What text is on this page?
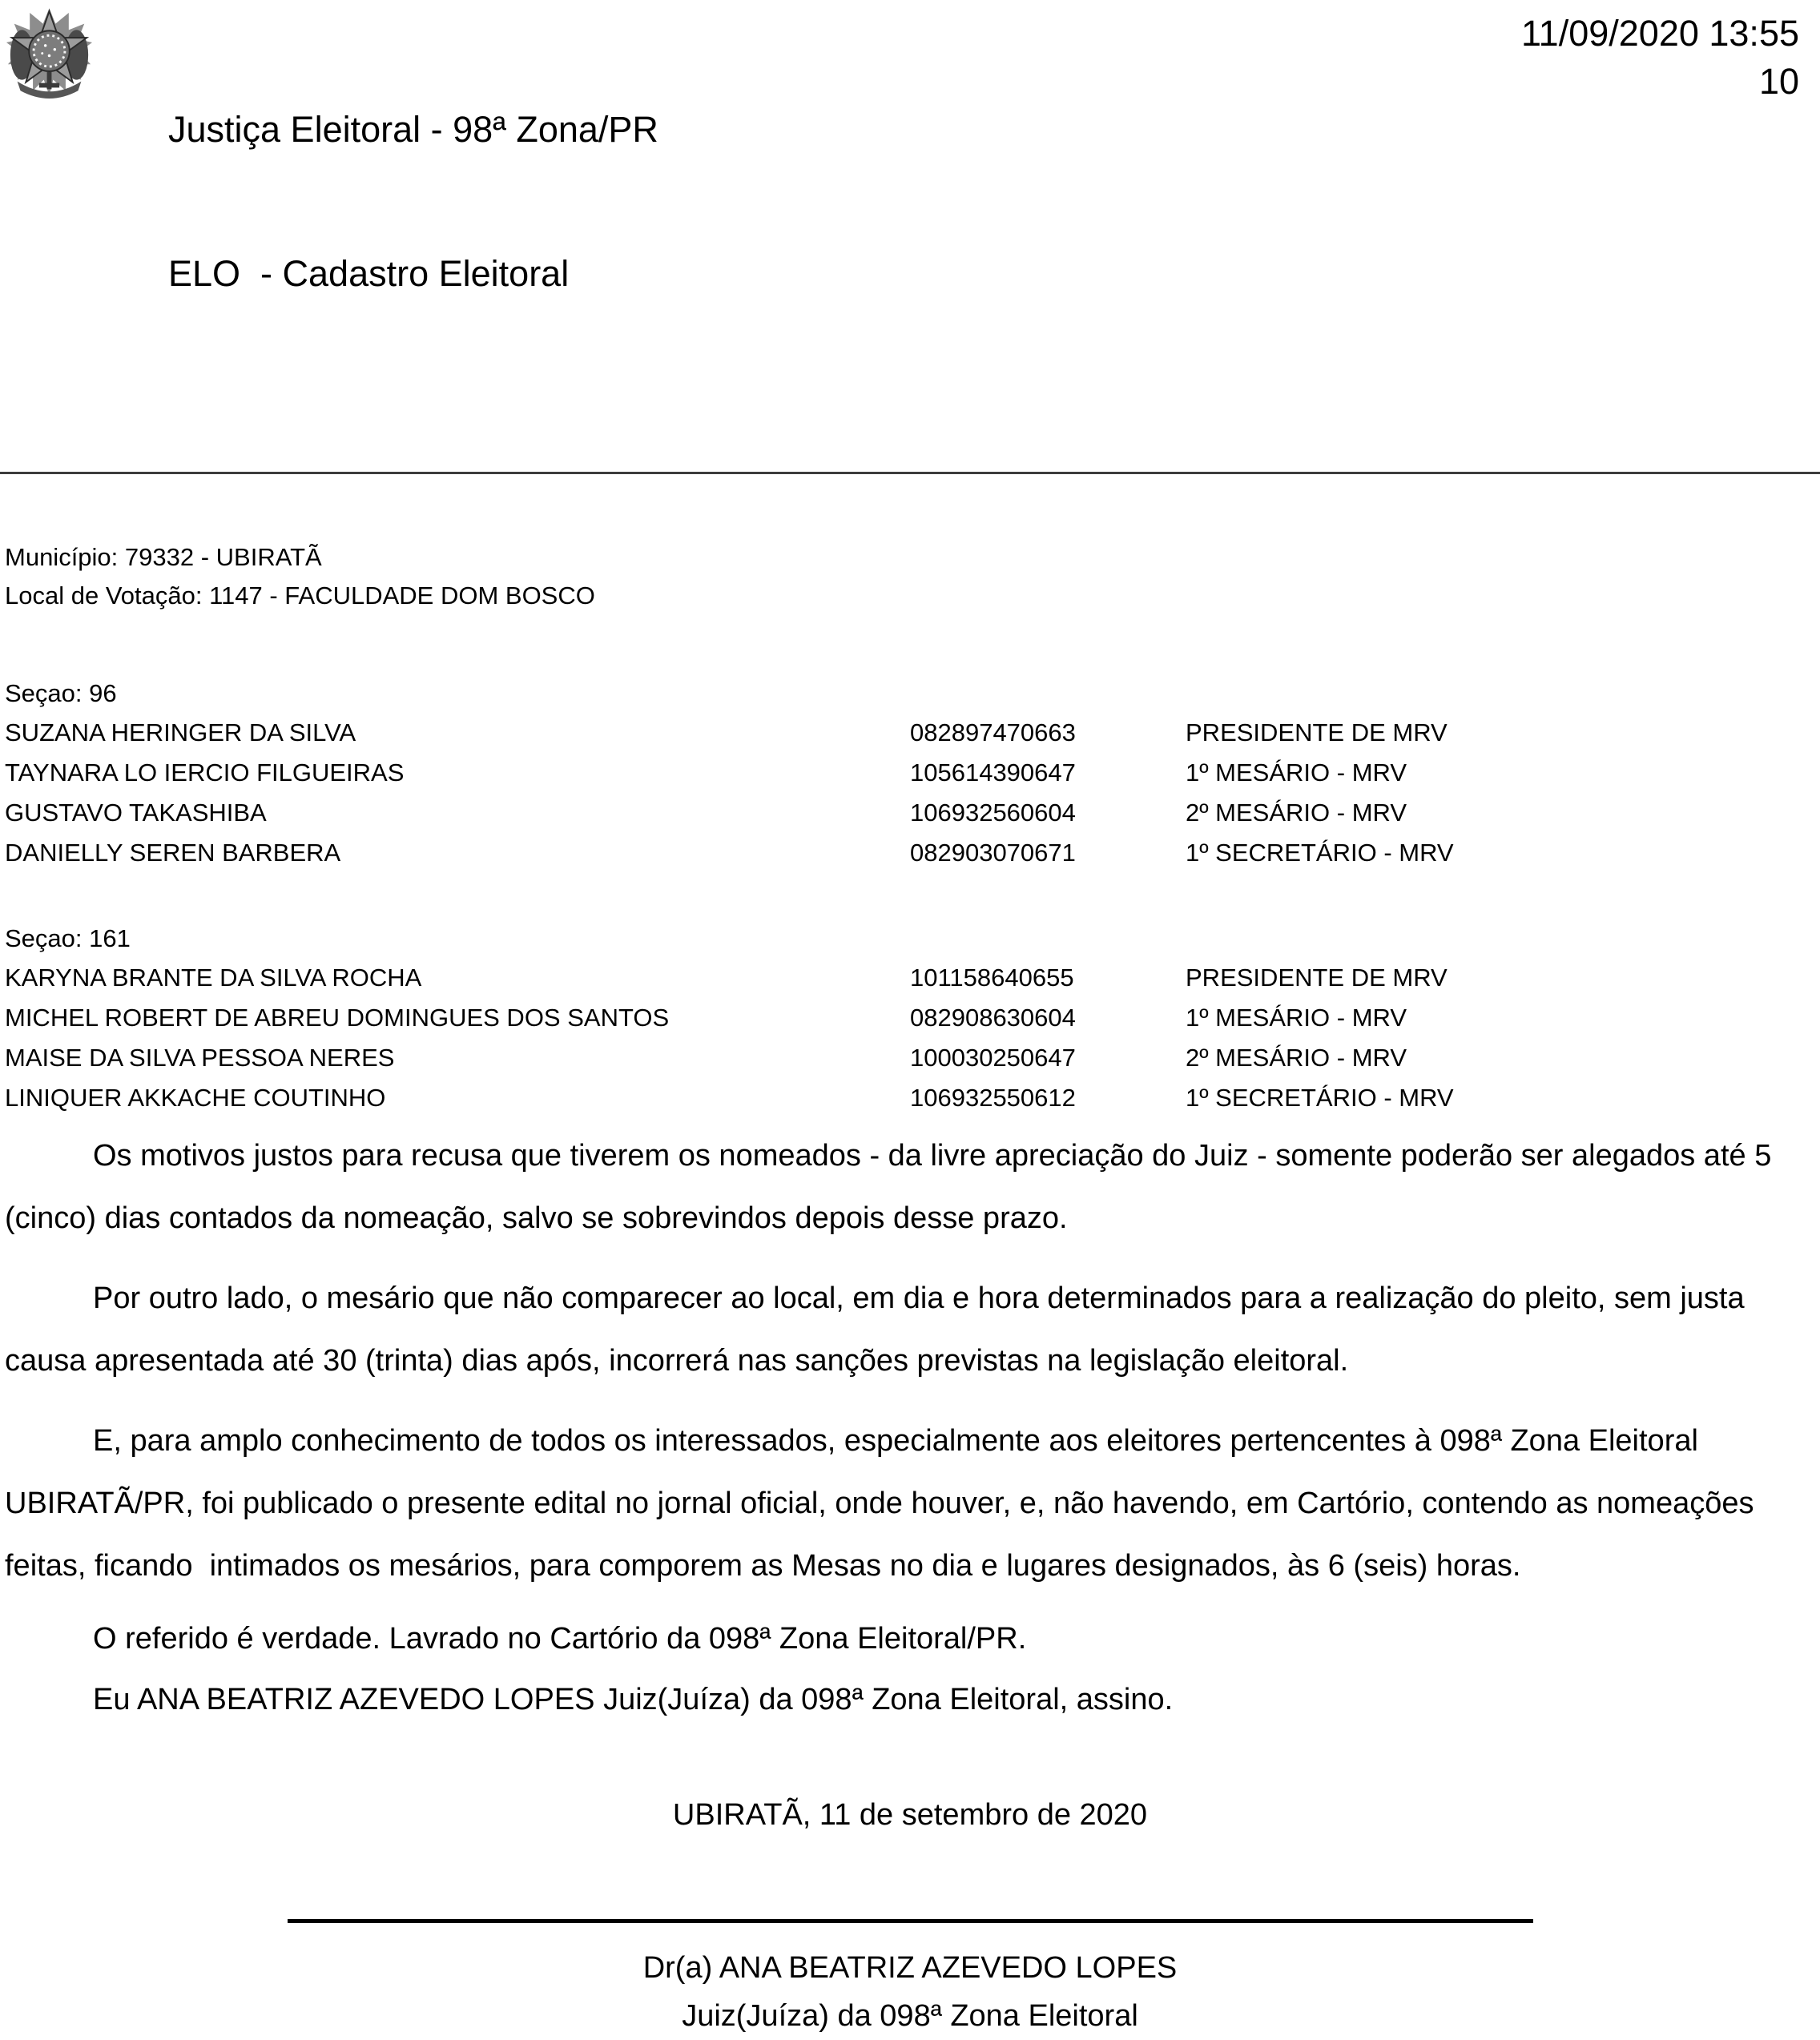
Justiça Eleitoral - 98ª Zona/PR

ELO  - Cadastro Eleitoral

11/09/2020 13:55
10
Município: 79332 - UBIRATÃ
Local de Votação: 1147 - FACULDADE DOM BOSCO
Seçao: 96
SUZANA HERINGER DA SILVA	082897470663	PRESIDENTE DE MRV
TAYNARA LO IERCIO FILGUEIRAS	105614390647	1º MESÁRIO - MRV
GUSTAVO TAKASHIBA	106932560604	2º MESÁRIO - MRV
DANIELLY SEREN BARBERA	082903070671	1º SECRETÁRIO - MRV
Seçao: 161
KARYNA BRANTE DA SILVA ROCHA	101158640655	PRESIDENTE DE MRV
MICHEL ROBERT DE ABREU DOMINGUES DOS SANTOS	082908630604	1º MESÁRIO - MRV
MAISE DA SILVA PESSOA NERES	100030250647	2º MESÁRIO - MRV
LINIQUER AKKACHE COUTINHO	106932550612	1º SECRETÁRIO - MRV

Os motivos justos para recusa que tiverem os nomeados - da livre apreciação do Juiz - somente poderão ser alegados até 5 (cinco) dias contados da nomeação, salvo se sobrevindos depois desse prazo.

Por outro lado, o mesário que não comparecer ao local, em dia e hora determinados para a realização do pleito, sem justa causa apresentada até 30 (trinta) dias após, incorrerá nas sanções previstas na legislação eleitoral.

E, para amplo conhecimento de todos os interessados, especialmente aos eleitores pertencentes à 098ª Zona Eleitoral UBIRATÃ/PR, foi publicado o presente edital no jornal oficial, onde houver, e, não havendo, em Cartório, contendo as nomeações feitas, ficando  intimados os mesários, para comporem as Mesas no dia e lugares designados, às 6 (seis) horas.

O referido é verdade. Lavrado no Cartório da 098ª Zona Eleitoral/PR.
Eu ANA BEATRIZ AZEVEDO LOPES Juiz(Juíza) da 098ª Zona Eleitoral, assino.
UBIRATÃ, 11 de setembro de 2020
Dr(a) ANA BEATRIZ AZEVEDO LOPES
Juiz(Juíza) da 098ª Zona Eleitoral
